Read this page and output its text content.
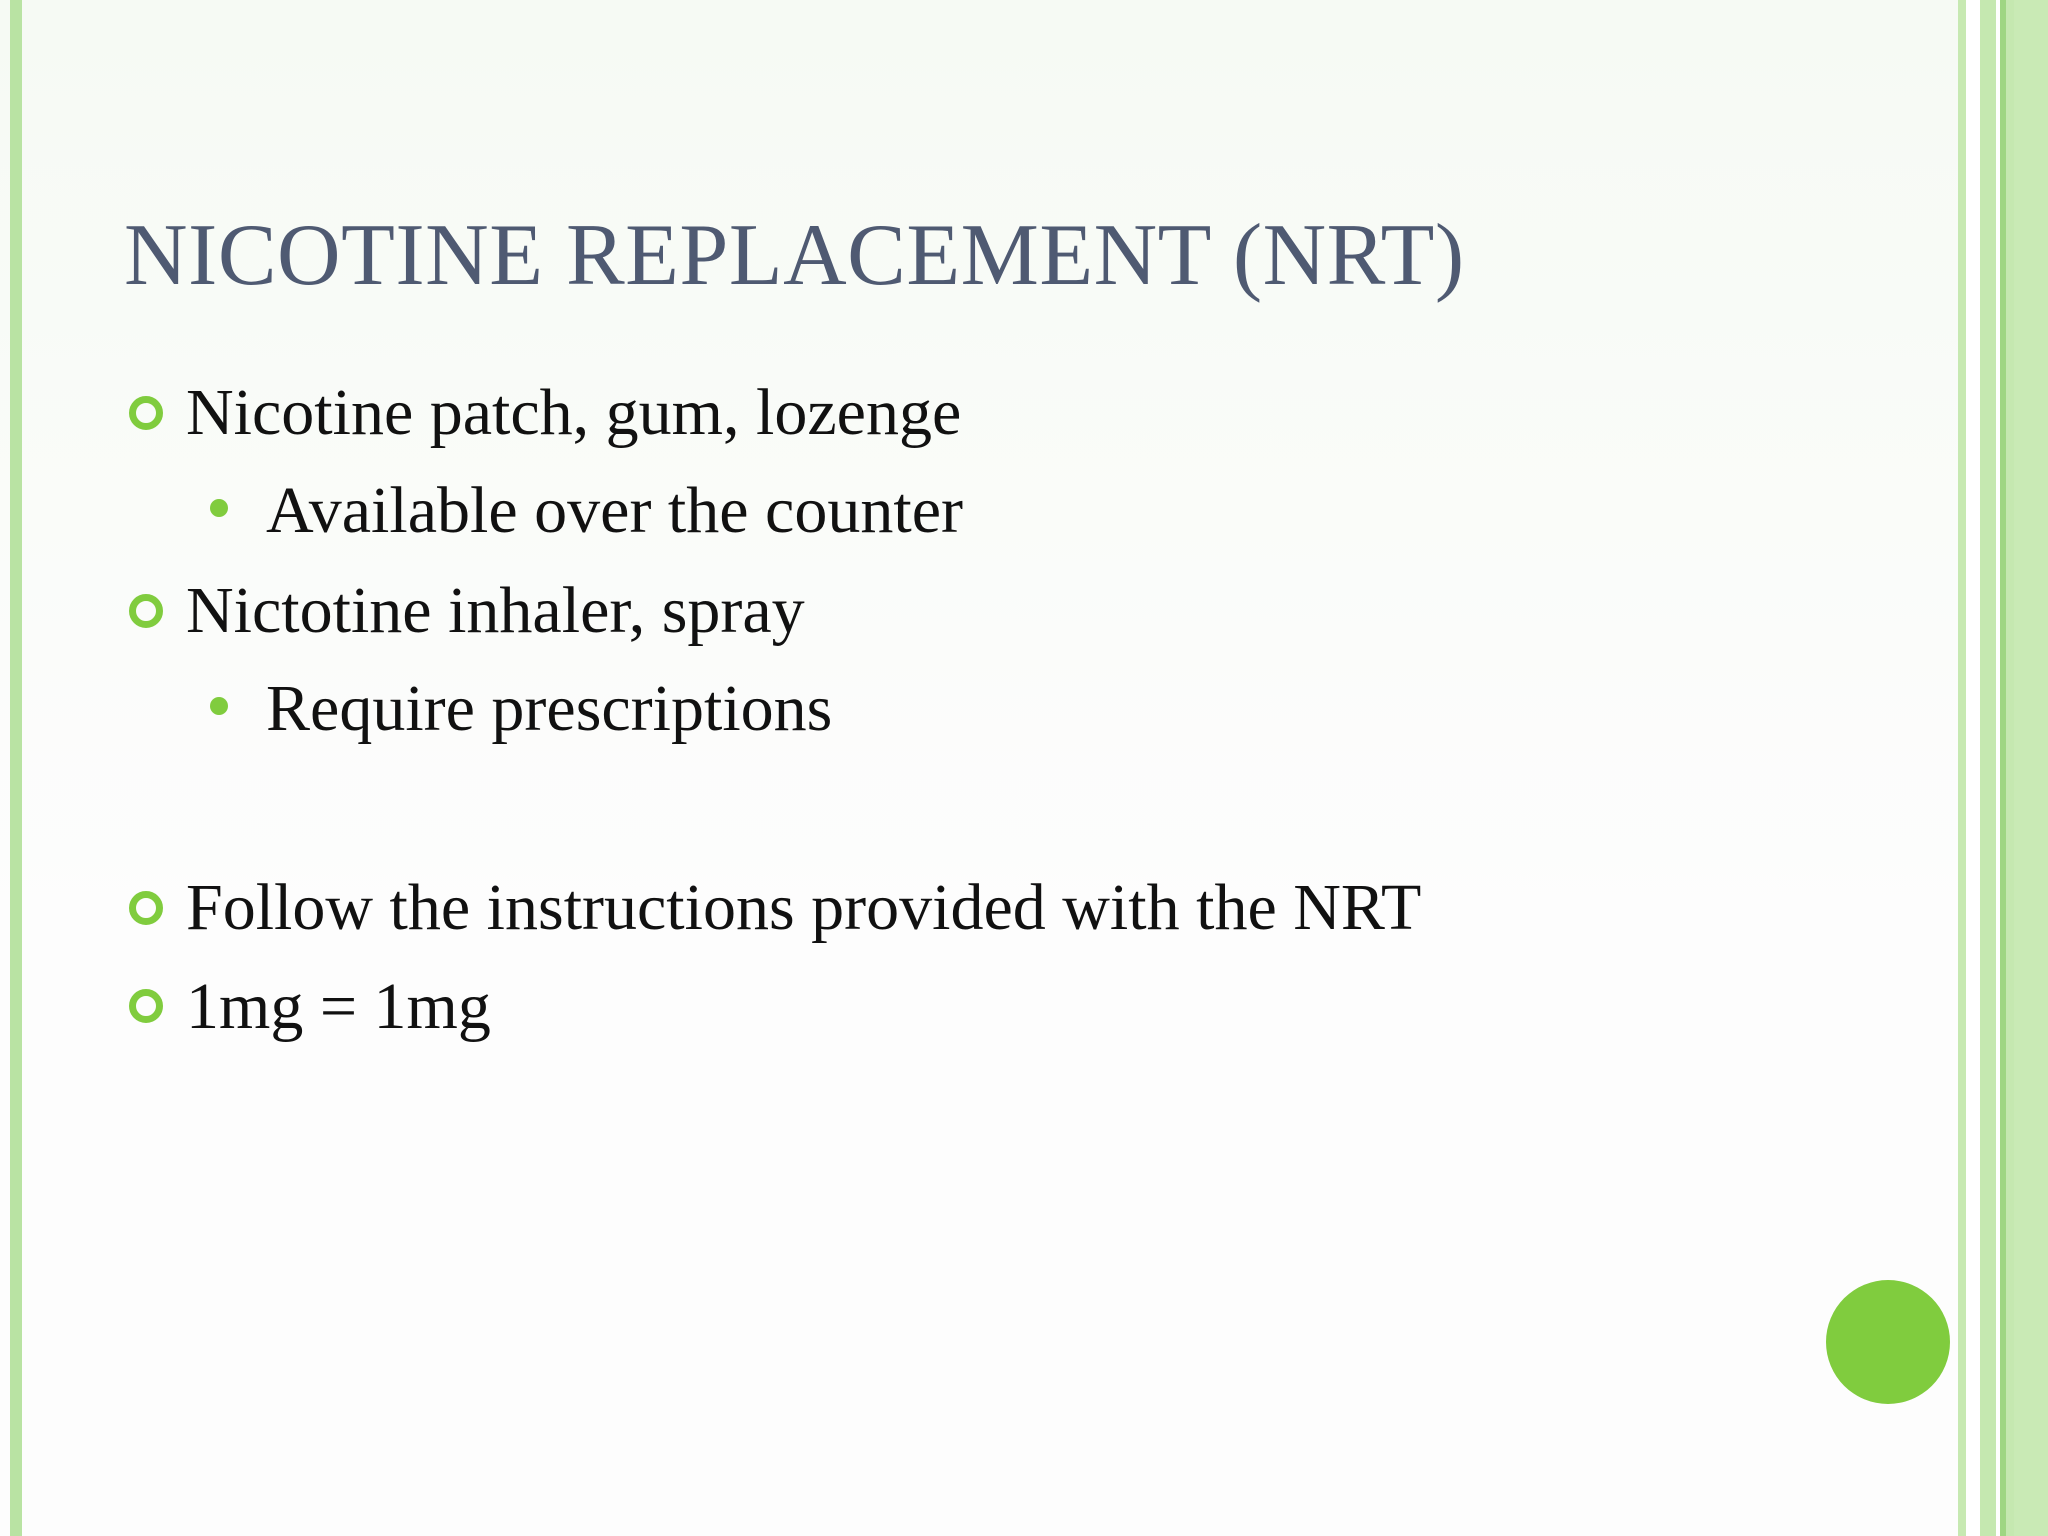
NICOTINE REPLACEMENT (NRT)
Nicotine patch, gum, lozenge
Available over the counter
Nictotine inhaler, spray
Require prescriptions
Follow the instructions provided with the NRT
1mg = 1mg
